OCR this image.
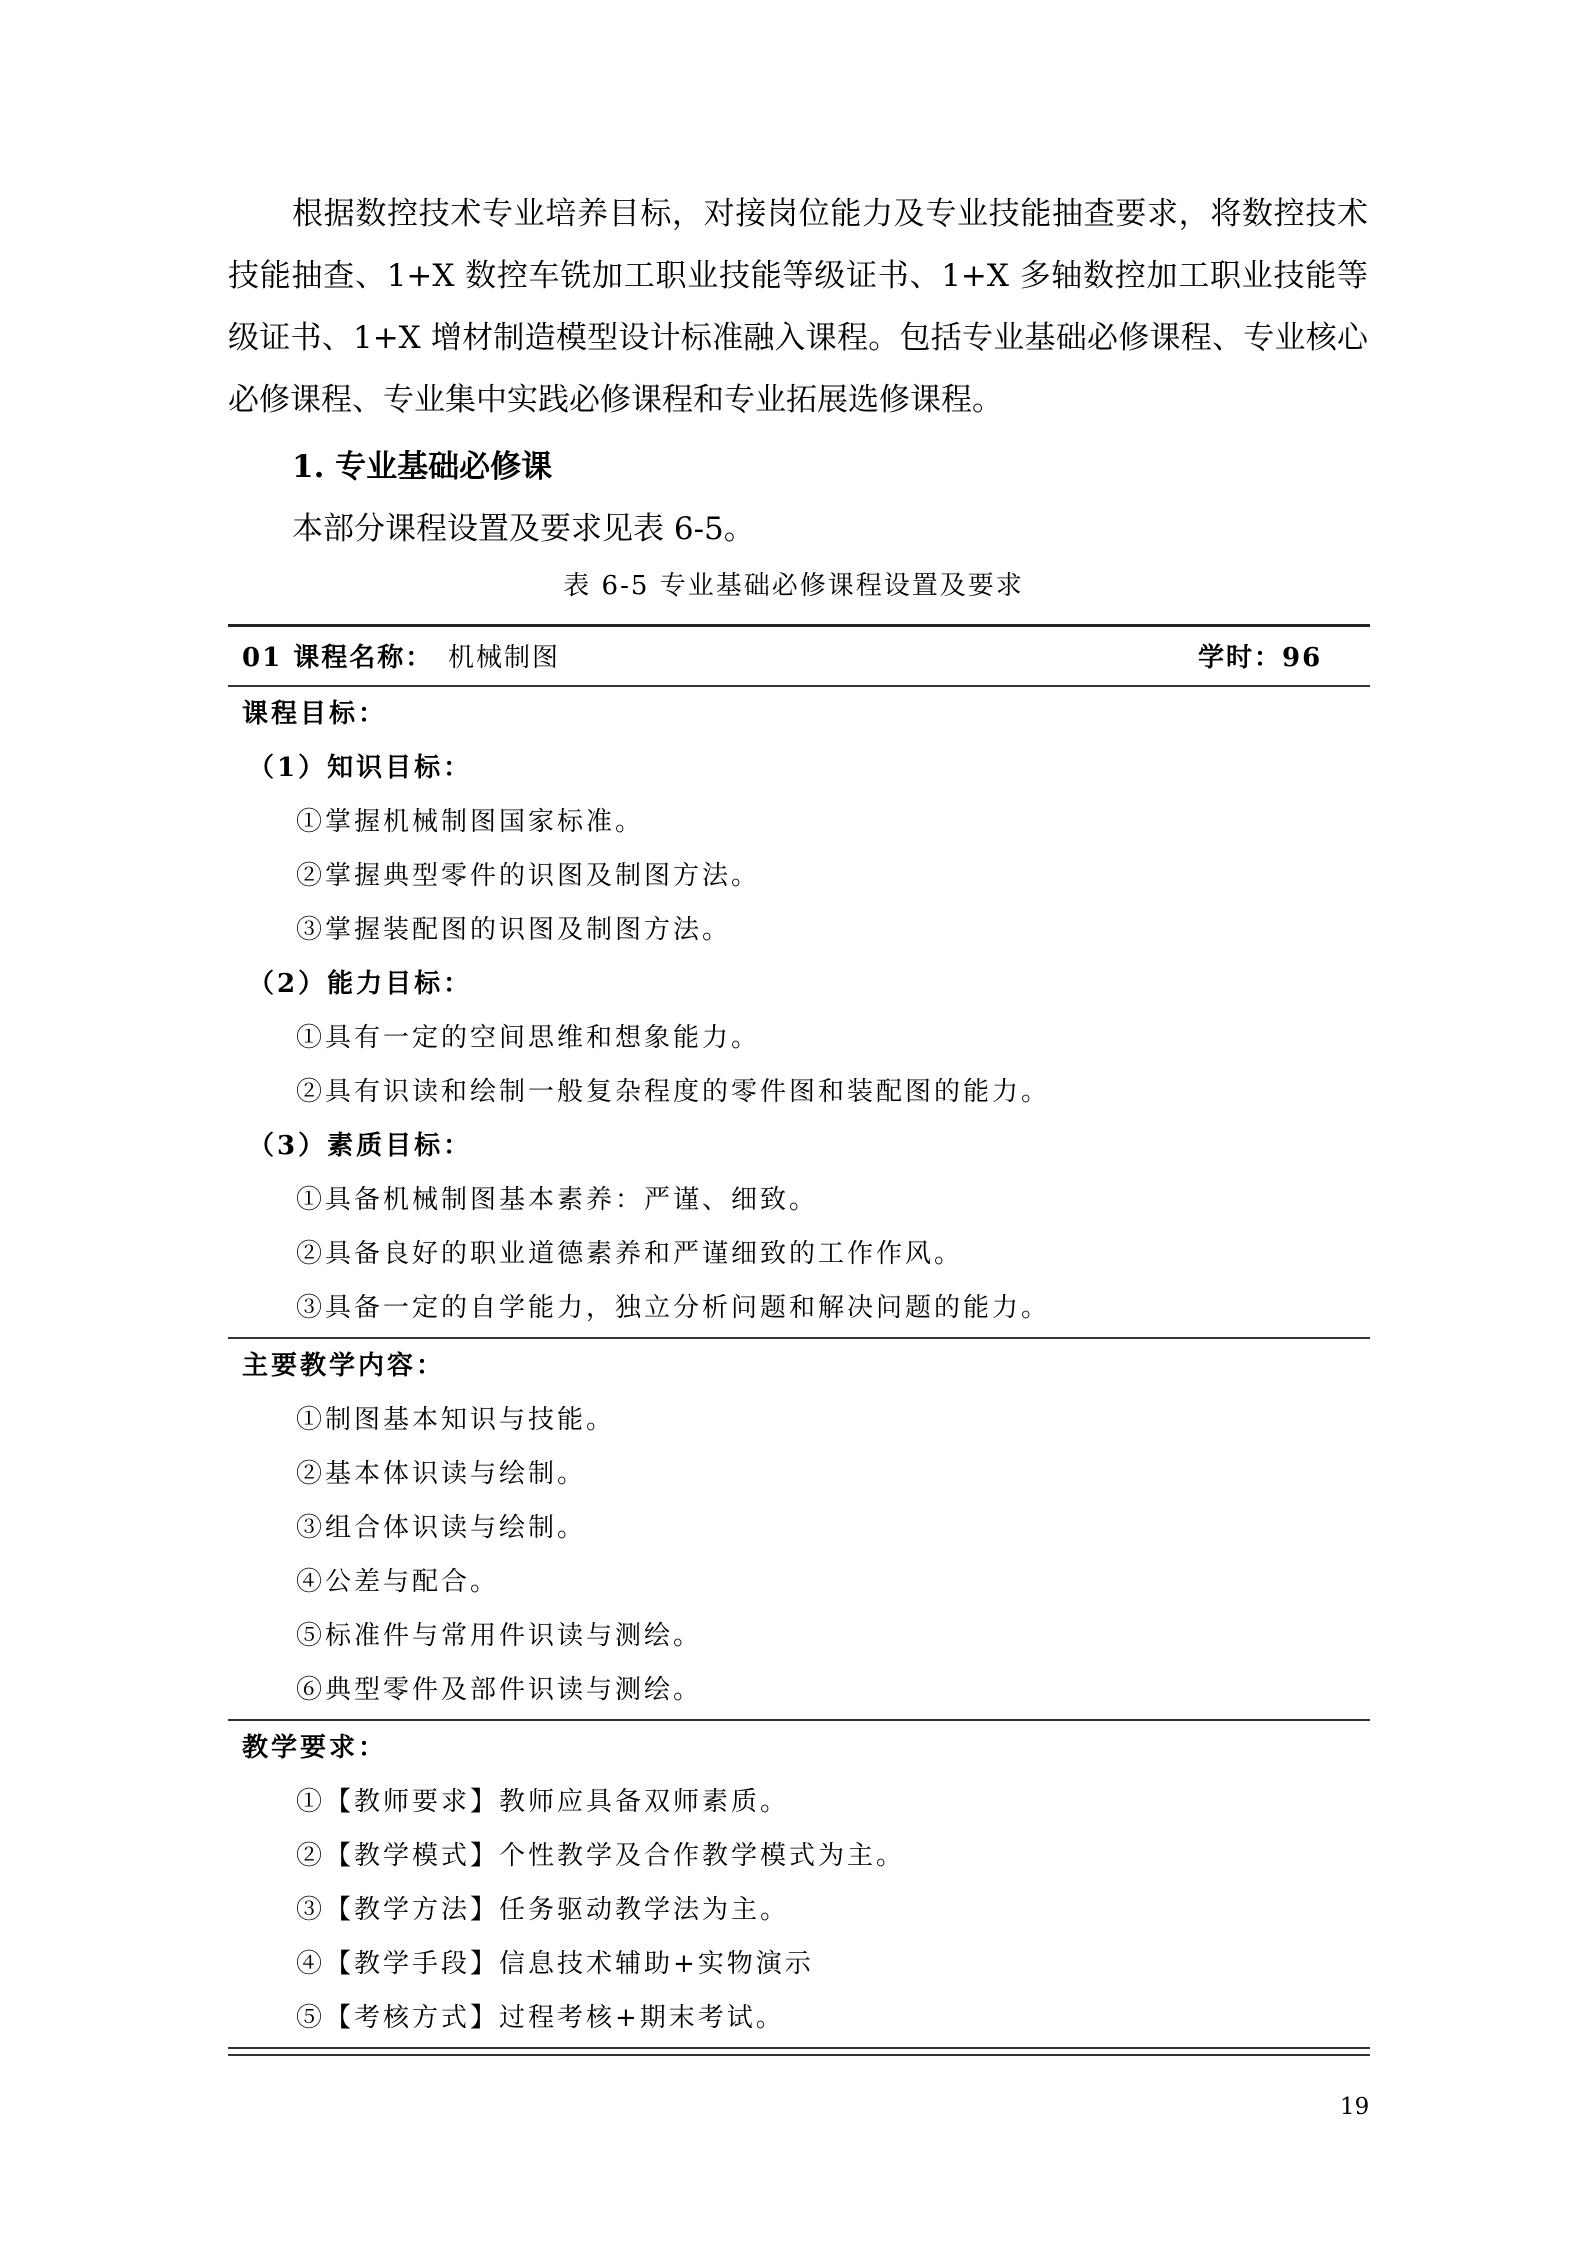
根据数控技术专业培养目标，对接岗位能力及专业技能抽查要求，将数控技术技能抽查、1+X 数控车铣加工职业技能等级证书、1+X 多轴数控加工职业技能等级证书、1+X 增材制造模型设计标准融入课程。包括专业基础必修课程、专业核心必修课程、专业集中实践必修课程和专业拓展选修课程。

1. 专业基础必修课
本部分课程设置及要求见表 6-5。
表 6-5 专业基础必修课程设置及要求
01 课程名称： 机械制图	学时：96
课程目标：
（1）知识目标：
①掌握机械制图国家标准。
②掌握典型零件的识图及制图方法。
③掌握装配图的识图及制图方法。
（2）能力目标：
①具有一定的空间思维和想象能力。
②具有识读和绘制一般复杂程度的零件图和装配图的能力。
（3）素质目标：
①具备机械制图基本素养：严谨、细致。
②具备良好的职业道德素养和严谨细致的工作作风。
③具备一定的自学能力，独立分析问题和解决问题的能力。
主要教学内容：
①制图基本知识与技能。
②基本体识读与绘制。
③组合体识读与绘制。
④公差与配合。
⑤标准件与常用件识读与测绘。
⑥典型零件及部件识读与测绘。
教学要求：
①【教师要求】教师应具备双师素质。
②【教学模式】个性教学及合作教学模式为主。
③【教学方法】任务驱动教学法为主。
④【教学手段】信息技术辅助+实物演示
⑤【考核方式】过程考核+期末考试。
19
